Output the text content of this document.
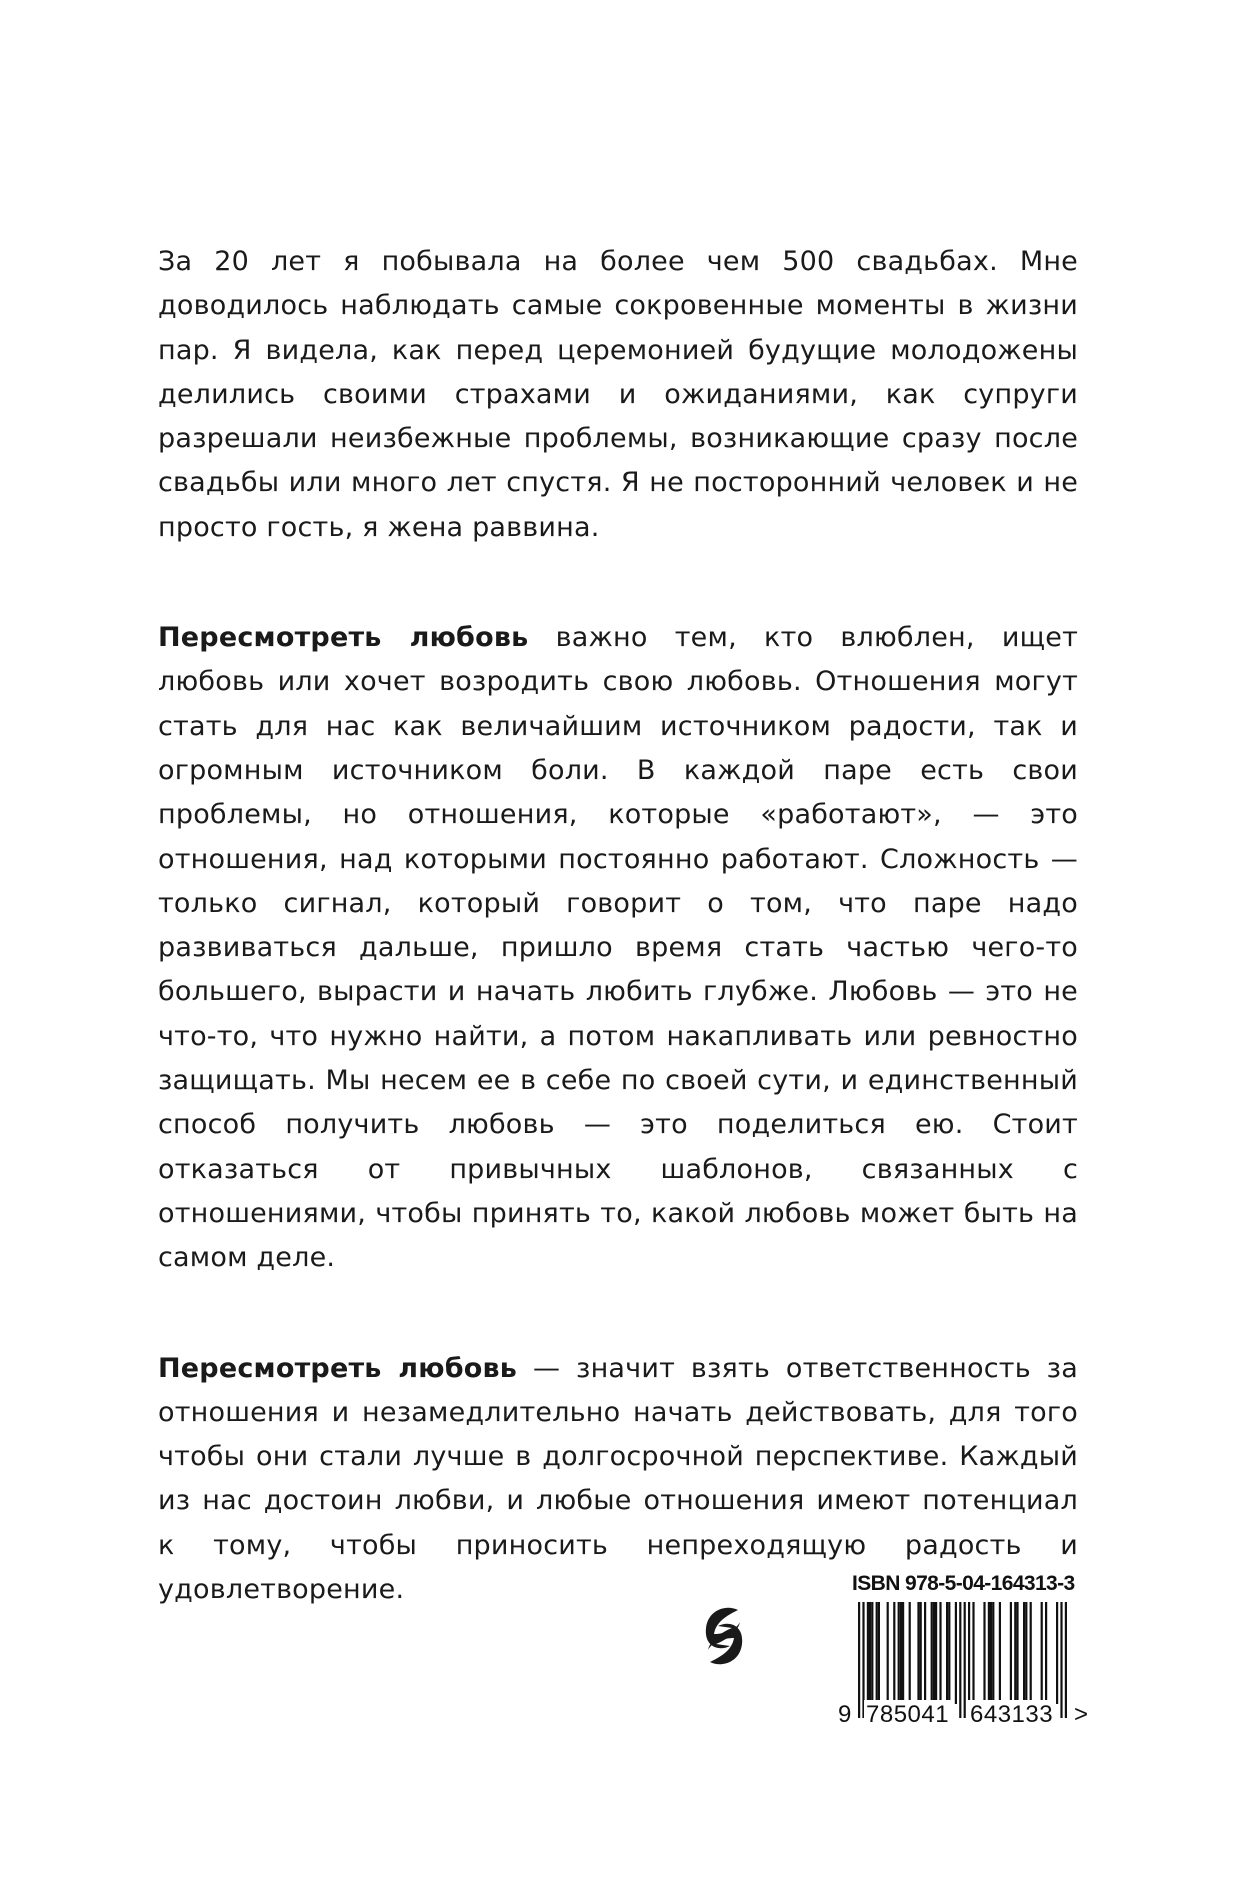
За 20 лет я побывала на более чем 500 свадьбах. Мне доводилось наблюдать самые сокровенные моменты в жизни пар. Я видела, как перед церемонией будущие молодожены делились своими страхами и ожиданиями, как супруги разрешали неизбежные проблемы, возникающие сразу после свадьбы или много лет спустя. Я не посторонний человек и не просто гость, я жена раввина.

Пересмотреть любовь важно тем, кто влюблен, ищет любовь или хочет возродить свою любовь. Отношения могут стать для нас как величайшим источником радости, так и огромным источником боли. В каждой паре есть свои проблемы, но отношения, которые «работают», — это отношения, над которыми постоянно работают. Сложность — только сигнал, который говорит о том, что паре надо развиваться дальше, пришло время стать частью чего-то большего, вырасти и начать любить глубже. Любовь — это не что-то, что нужно найти, а потом накапливать или ревностно защищать. Мы несем ее в себе по своей сути, и единственный способ получить любовь — это поделиться ею. Стоит отказаться от привычных шаблонов, связанных с отношениями, чтобы принять то, какой любовь может быть на самом деле.

Пересмотреть любовь — значит взять ответственность за отношения и незамедлительно начать действовать, для того чтобы они стали лучше в долгосрочной перспективе. Каждый из нас достоин любви, и любые отношения имеют потенциал к тому, чтобы приносить непреходящую радость и удовлетворение.	ISBN 978-5-04-164313-3
9 785041 643133 >
